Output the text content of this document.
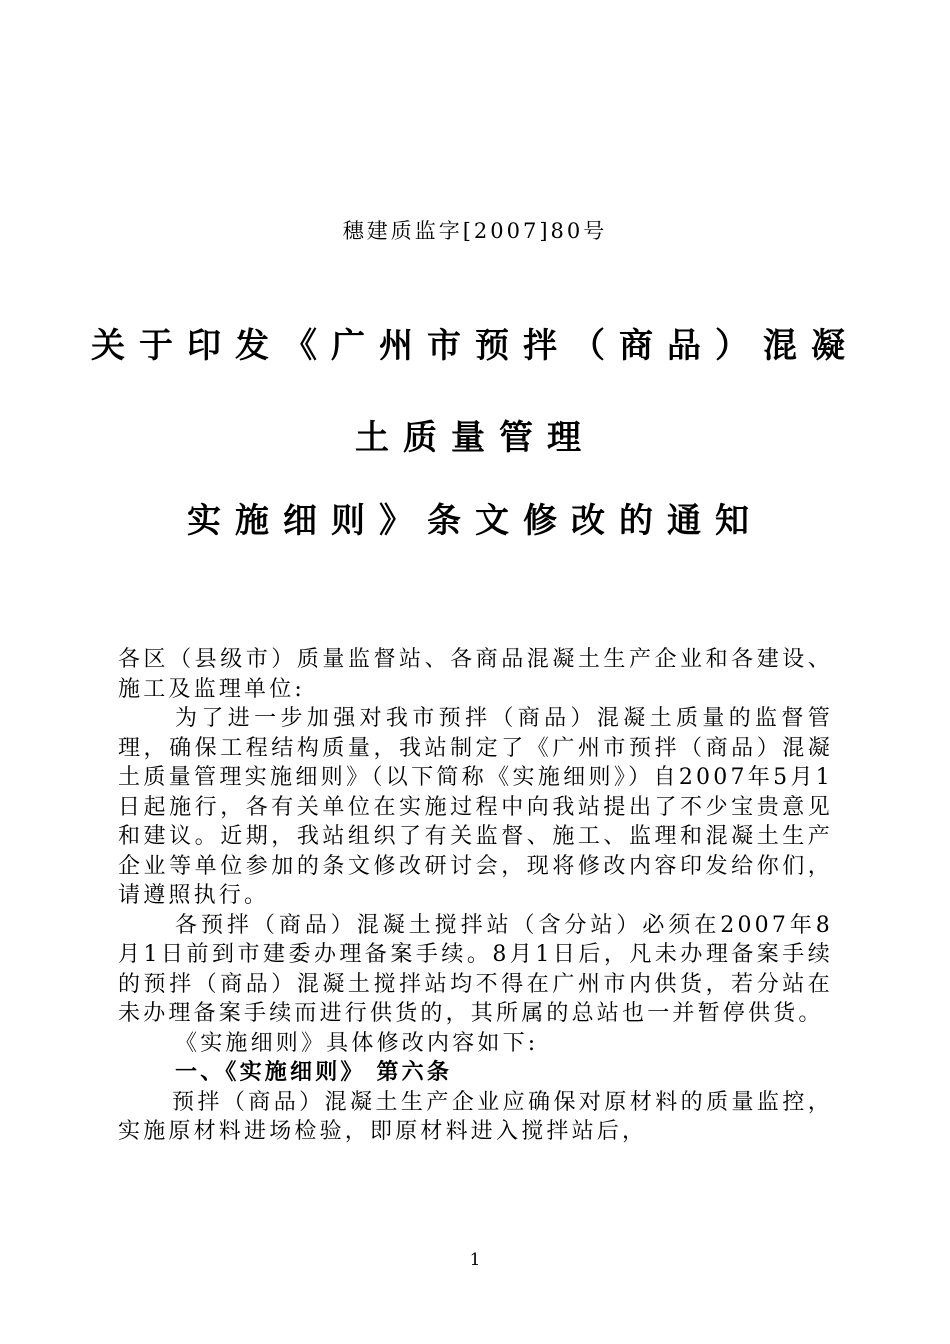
穗建质监字[2007]80号
关于印发《广州市预拌（商品）混凝
土质量管理
实施细则》条文修改的通知

各区（县级市）质量监督站、各商品混凝土生产企业和各建设、施工及监理单位:

为了进一步加强对我市预拌（商品）混凝土质量的监督管理，确保工程结构质量，我站制定了《广州市预拌（商品）混凝土质量管理实施细则》（以下简称《实施细则》）自2007年5月1日起施行，各有关单位在实施过程中向我站提出了不少宝贵意见和建议。近期，我站组织了有关监督、施工、监理和混凝土生产企业等单位参加的条文修改研讨会，现将修改内容印发给你们，请遵照执行。

各预拌（商品）混凝土搅拌站（含分站）必须在2007年8月1日前到市建委办理备案手续。8月1日后，凡未办理备案手续的预拌（商品）混凝土搅拌站均不得在广州市内供货，若分站在未办理备案手续而进行供货的，其所属的总站也一并暂停供货。

《实施细则》具体修改内容如下:

一、《实施细则》 第六条

预拌（商品）混凝土生产企业应确保对原材料的质量监控，实施原材料进场检验，即原材料进入搅拌站后，

1
